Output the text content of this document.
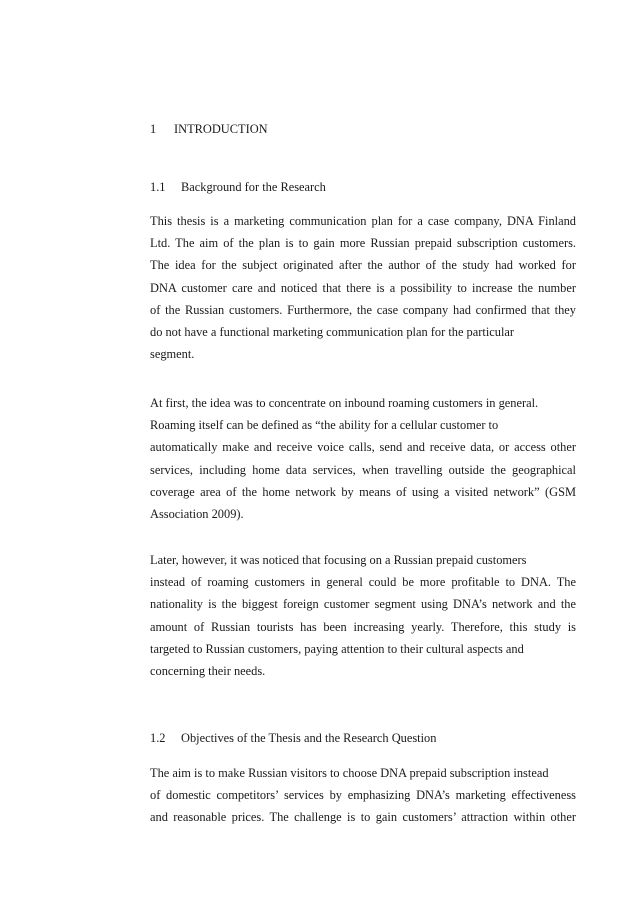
1 INTRODUCTION
1.1 Background for the Research
This thesis is a marketing communication plan for a case company, DNA Finland
Ltd. The aim of the plan is to gain more Russian prepaid subscription customers.
The idea for the subject originated after the author of the study had worked for
DNA customer care and noticed that there is a possibility to increase the number
of the Russian customers. Furthermore, the case company had confirmed that they
do not have a functional marketing communication plan for the particular
segment.
At first, the idea was to concentrate on inbound roaming customers in general.
Roaming itself can be defined as “the ability for a cellular customer to
automatically make and receive voice calls, send and receive data, or access other
services, including home data services, when travelling outside the geographical
coverage area of the home network by means of using a visited network” (GSM
Association 2009).
Later, however, it was noticed that focusing on a Russian prepaid customers
instead of roaming customers in general could be more profitable to DNA. The
nationality is the biggest foreign customer segment using DNA’s network and the
amount of Russian tourists has been increasing yearly. Therefore, this study is
targeted to Russian customers, paying attention to their cultural aspects and
concerning their needs.
1.2 Objectives of the Thesis and the Research Question
The aim is to make Russian visitors to choose DNA prepaid subscription instead
of domestic competitors’ services by emphasizing DNA’s marketing effectiveness
and reasonable prices. The challenge is to gain customers’ attraction within other
